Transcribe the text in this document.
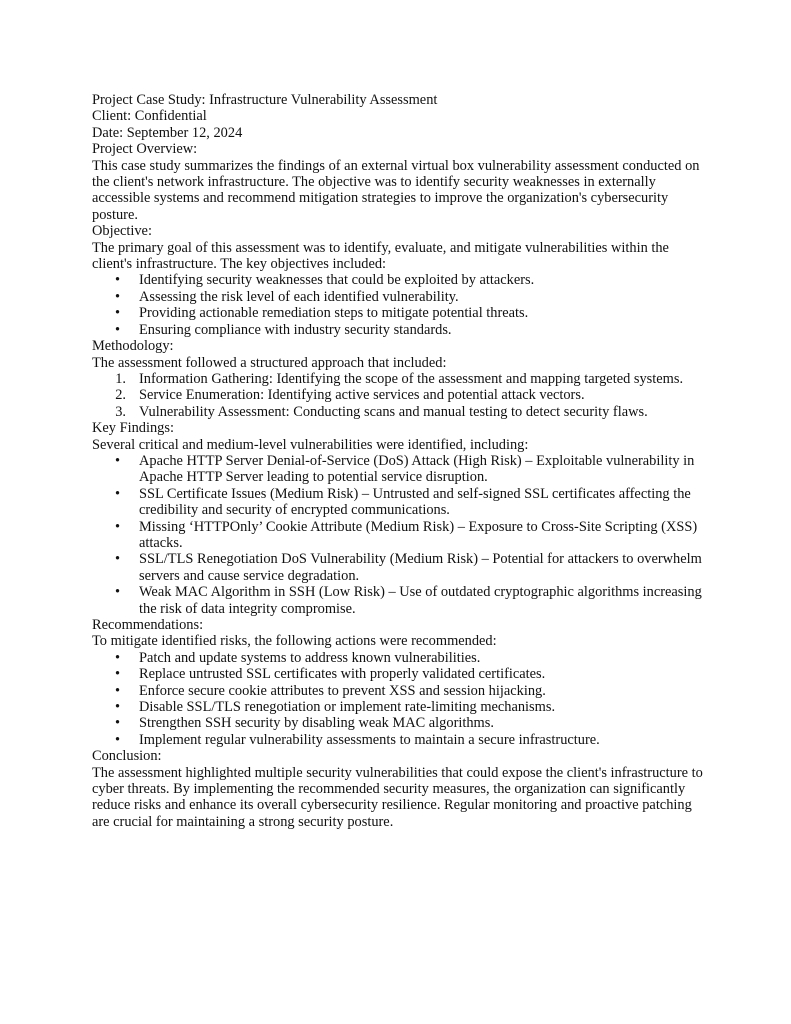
Project Case Study: Infrastructure Vulnerability Assessment

Client: Confidential

Date: September 12, 2024

Project Overview:

This case study summarizes the findings of an external virtual box vulnerability assessment conducted on the client's network infrastructure. The objective was to identify security weaknesses in externally accessible systems and recommend mitigation strategies to improve the organization's cybersecurity posture.

Objective:

The primary goal of this assessment was to identify, evaluate, and mitigate vulnerabilities within the client's infrastructure. The key objectives included:

• Identifying security weaknesses that could be exploited by attackers.
• Assessing the risk level of each identified vulnerability.
• Providing actionable remediation steps to mitigate potential threats.
• Ensuring compliance with industry security standards.

Methodology:

The assessment followed a structured approach that included:

1. Information Gathering: Identifying the scope of the assessment and mapping targeted systems.
2. Service Enumeration: Identifying active services and potential attack vectors.
3. Vulnerability Assessment: Conducting scans and manual testing to detect security flaws.

Key Findings:

Several critical and medium-level vulnerabilities were identified, including:

• Apache HTTP Server Denial-of-Service (DoS) Attack (High Risk) – Exploitable vulnerability in Apache HTTP Server leading to potential service disruption.
• SSL Certificate Issues (Medium Risk) – Untrusted and self-signed SSL certificates affecting the credibility and security of encrypted communications.
• Missing ‘HTTPOnly’ Cookie Attribute (Medium Risk) – Exposure to Cross-Site Scripting (XSS) attacks.
• SSL/TLS Renegotiation DoS Vulnerability (Medium Risk) – Potential for attackers to overwhelm servers and cause service degradation.
• Weak MAC Algorithm in SSH (Low Risk) – Use of outdated cryptographic algorithms increasing the risk of data integrity compromise.

Recommendations:

To mitigate identified risks, the following actions were recommended:

• Patch and update systems to address known vulnerabilities.
• Replace untrusted SSL certificates with properly validated certificates.
• Enforce secure cookie attributes to prevent XSS and session hijacking.
• Disable SSL/TLS renegotiation or implement rate-limiting mechanisms.
• Strengthen SSH security by disabling weak MAC algorithms.
• Implement regular vulnerability assessments to maintain a secure infrastructure.

Conclusion:

The assessment highlighted multiple security vulnerabilities that could expose the client's infrastructure to cyber threats. By implementing the recommended security measures, the organization can significantly reduce risks and enhance its overall cybersecurity resilience. Regular monitoring and proactive patching are crucial for maintaining a strong security posture.
